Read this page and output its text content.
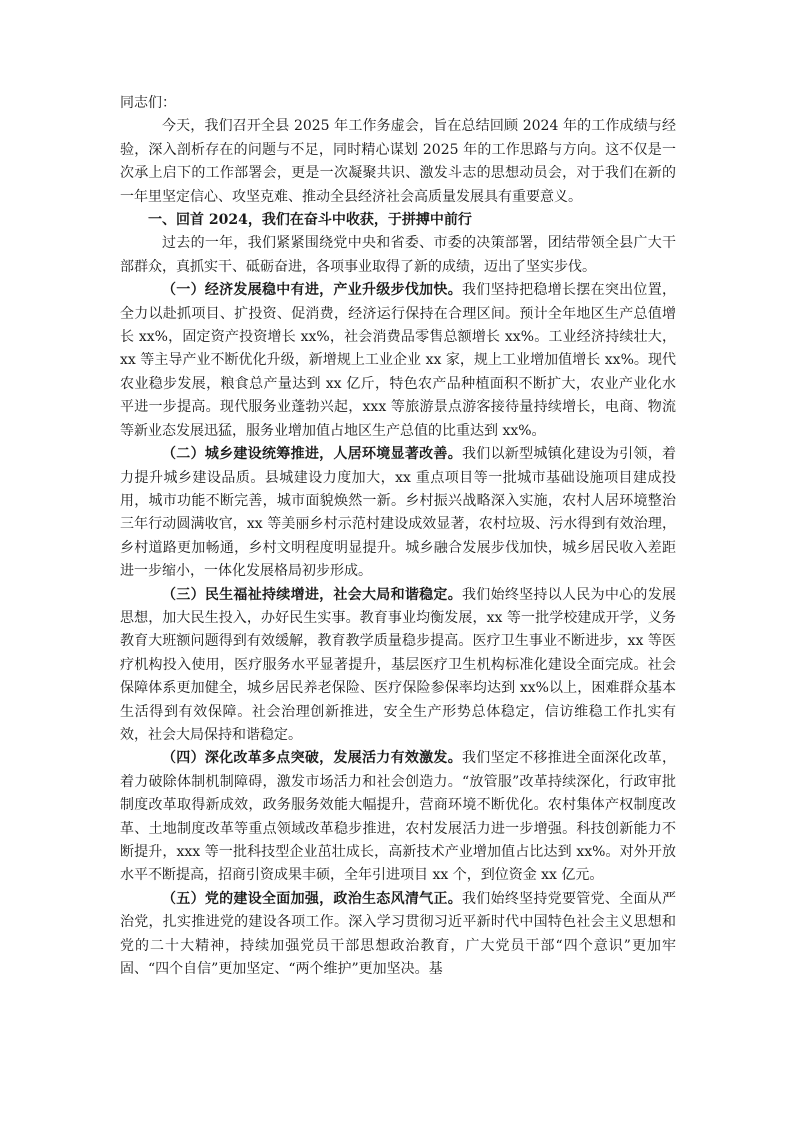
同志们：

今天，我们召开全县 2025 年工作务虚会，旨在总结回顾 2024 年的工作成绩与经验，深入剖析存在的问题与不足，同时精心谋划 2025 年的工作思路与方向。这不仅是一次承上启下的工作部署会，更是一次凝聚共识、激发斗志的思想动员会，对于我们在新的一年里坚定信心、攻坚克难、推动全县经济社会高质量发展具有重要意义。

一、回首 2024，我们在奋斗中收获，于拼搏中前行

过去的一年，我们紧紧围绕党中央和省委、市委的决策部署，团结带领全县广大干部群众，真抓实干、砥砺奋进，各项事业取得了新的成绩，迈出了坚实步伐。

（一）经济发展稳中有进，产业升级步伐加快。我们坚持把稳增长摆在突出位置，全力以赴抓项目、扩投资、促消费，经济运行保持在合理区间。预计全年地区生产总值增长 xx%，固定资产投资增长 xx%，社会消费品零售总额增长 xx%。工业经济持续壮大，xx 等主导产业不断优化升级，新增规上工业企业 xx 家，规上工业增加值增长 xx%。现代农业稳步发展，粮食总产量达到 xx 亿斤，特色农产品种植面积不断扩大，农业产业化水平进一步提高。现代服务业蓬勃兴起，xxx 等旅游景点游客接待量持续增长，电商、物流等新业态发展迅猛，服务业增加值占地区生产总值的比重达到 xx%。

（二）城乡建设统筹推进，人居环境显著改善。我们以新型城镇化建设为引领，着力提升城乡建设品质。县城建设力度加大，xx 重点项目等一批城市基础设施项目建成投用，城市功能不断完善，城市面貌焕然一新。乡村振兴战略深入实施，农村人居环境整治三年行动圆满收官，xx 等美丽乡村示范村建设成效显著，农村垃圾、污水得到有效治理，乡村道路更加畅通，乡村文明程度明显提升。城乡融合发展步伐加快，城乡居民收入差距进一步缩小，一体化发展格局初步形成。

（三）民生福祉持续增进，社会大局和谐稳定。我们始终坚持以人民为中心的发展思想，加大民生投入，办好民生实事。教育事业均衡发展，xx 等一批学校建成开学，义务教育大班额问题得到有效缓解，教育教学质量稳步提高。医疗卫生事业不断进步，xx 等医疗机构投入使用，医疗服务水平显著提升，基层医疗卫生机构标准化建设全面完成。社会保障体系更加健全，城乡居民养老保险、医疗保险参保率均达到 xx%以上，困难群众基本生活得到有效保障。社会治理创新推进，安全生产形势总体稳定，信访维稳工作扎实有效，社会大局保持和谐稳定。

（四）深化改革多点突破，发展活力有效激发。我们坚定不移推进全面深化改革，着力破除体制机制障碍，激发市场活力和社会创造力。“放管服”改革持续深化，行政审批制度改革取得新成效，政务服务效能大幅提升，营商环境不断优化。农村集体产权制度改革、土地制度改革等重点领域改革稳步推进，农村发展活力进一步增强。科技创新能力不断提升，xxx 等一批科技型企业茁壮成长，高新技术产业增加值占比达到 xx%。对外开放水平不断提高，招商引资成果丰硕，全年引进项目 xx 个，到位资金 xx 亿元。

（五）党的建设全面加强，政治生态风清气正。我们始终坚持党要管党、全面从严治党，扎实推进党的建设各项工作。深入学习贯彻习近平新时代中国特色社会主义思想和党的二十大精神，持续加强党员干部思想政治教育，广大党员干部“四个意识”更加牢固、“四个自信”更加坚定、“两个维护”更加坚决。基
